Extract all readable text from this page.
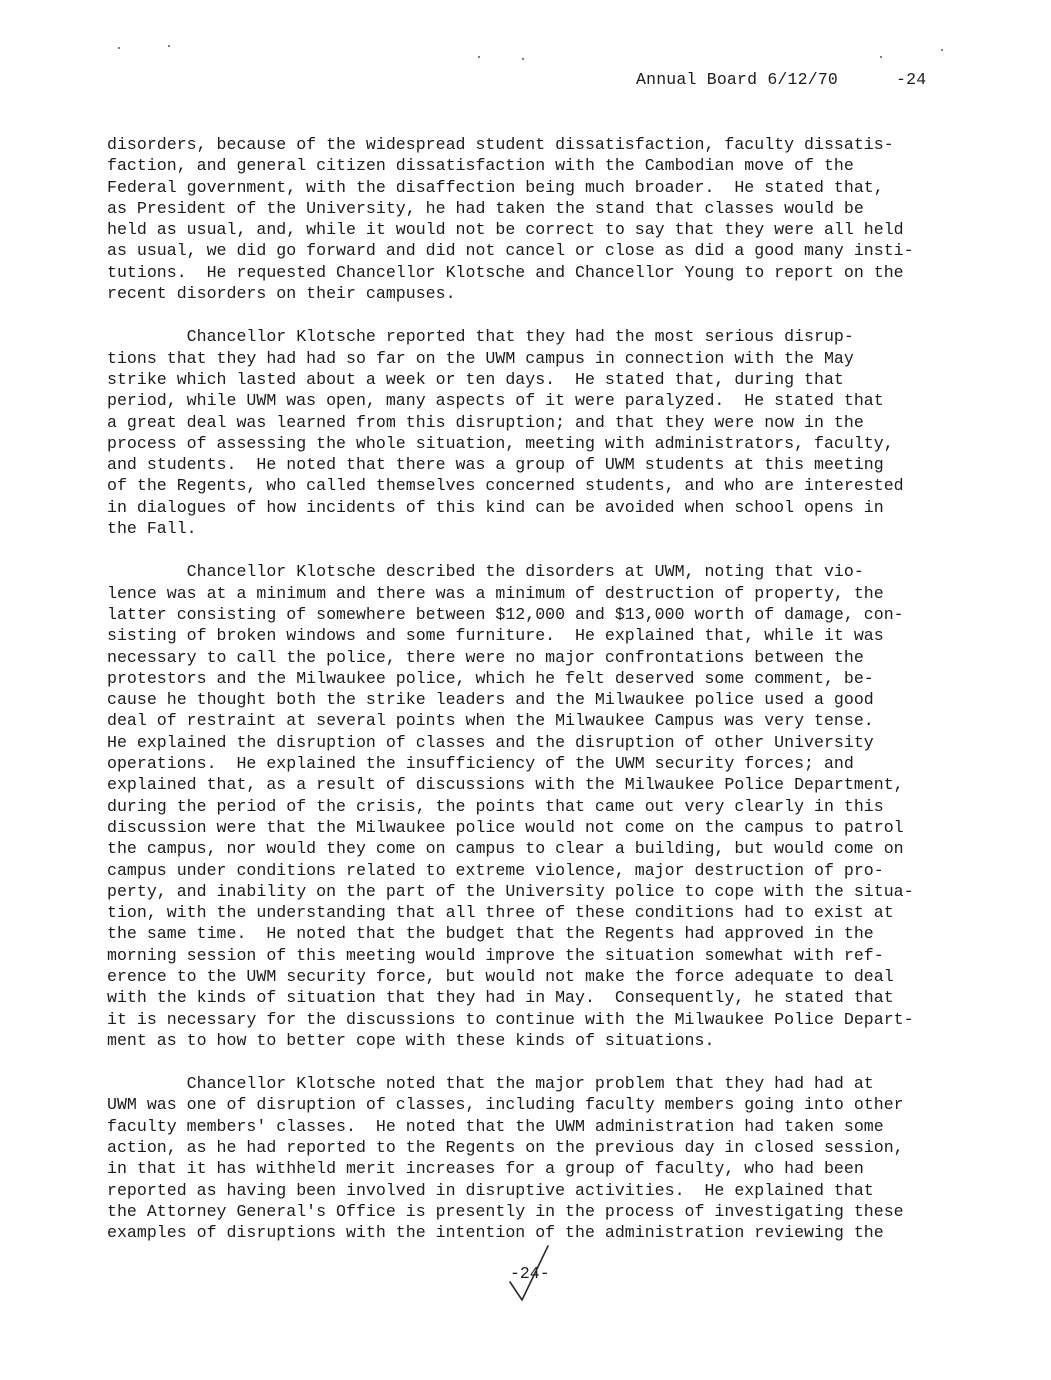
Annual Board 6/12/70	-24
disorders, because of the widespread student dissatisfaction, faculty dissatis-
faction, and general citizen dissatisfaction with the Cambodian move of the
Federal government, with the disaffection being much broader.  He stated that,
as President of the University, he had taken the stand that classes would be
held as usual, and, while it would not be correct to say that they were all held
as usual, we did go forward and did not cancel or close as did a good many insti-
tutions.  He requested Chancellor Klotsche and Chancellor Young to report on the
recent disorders on their campuses.
Chancellor Klotsche reported that they had the most serious disrup-
tions that they had had so far on the UWM campus in connection with the May
strike which lasted about a week or ten days.  He stated that, during that
period, while UWM was open, many aspects of it were paralyzed.  He stated that
a great deal was learned from this disruption; and that they were now in the
process of assessing the whole situation, meeting with administrators, faculty,
and students.  He noted that there was a group of UWM students at this meeting
of the Regents, who called themselves concerned students, and who are interested
in dialogues of how incidents of this kind can be avoided when school opens in
the Fall.
Chancellor Klotsche described the disorders at UWM, noting that vio-
lence was at a minimum and there was a minimum of destruction of property, the
latter consisting of somewhere between $12,000 and $13,000 worth of damage, con-
sisting of broken windows and some furniture.  He explained that, while it was
necessary to call the police, there were no major confrontations between the
protestors and the Milwaukee police, which he felt deserved some comment, be-
cause he thought both the strike leaders and the Milwaukee police used a good
deal of restraint at several points when the Milwaukee Campus was very tense.
He explained the disruption of classes and the disruption of other University
operations.  He explained the insufficiency of the UWM security forces; and
explained that, as a result of discussions with the Milwaukee Police Department,
during the period of the crisis, the points that came out very clearly in this
discussion were that the Milwaukee police would not come on the campus to patrol
the campus, nor would they come on campus to clear a building, but would come on
campus under conditions related to extreme violence, major destruction of pro-
perty, and inability on the part of the University police to cope with the situa-
tion, with the understanding that all three of these conditions had to exist at
the same time.  He noted that the budget that the Regents had approved in the
morning session of this meeting would improve the situation somewhat with ref-
erence to the UWM security force, but would not make the force adequate to deal
with the kinds of situation that they had in May.  Consequently, he stated that
it is necessary for the discussions to continue with the Milwaukee Police Depart-
ment as to how to better cope with these kinds of situations.
Chancellor Klotsche noted that the major problem that they had had at
UWM was one of disruption of classes, including faculty members going into other
faculty members' classes.  He noted that the UWM administration had taken some
action, as he had reported to the Regents on the previous day in closed session,
in that it has withheld merit increases for a group of faculty, who had been
reported as having been involved in disruptive activities.  He explained that
the Attorney General's Office is presently in the process of investigating these
examples of disruptions with the intention of the administration reviewing the
-24-
